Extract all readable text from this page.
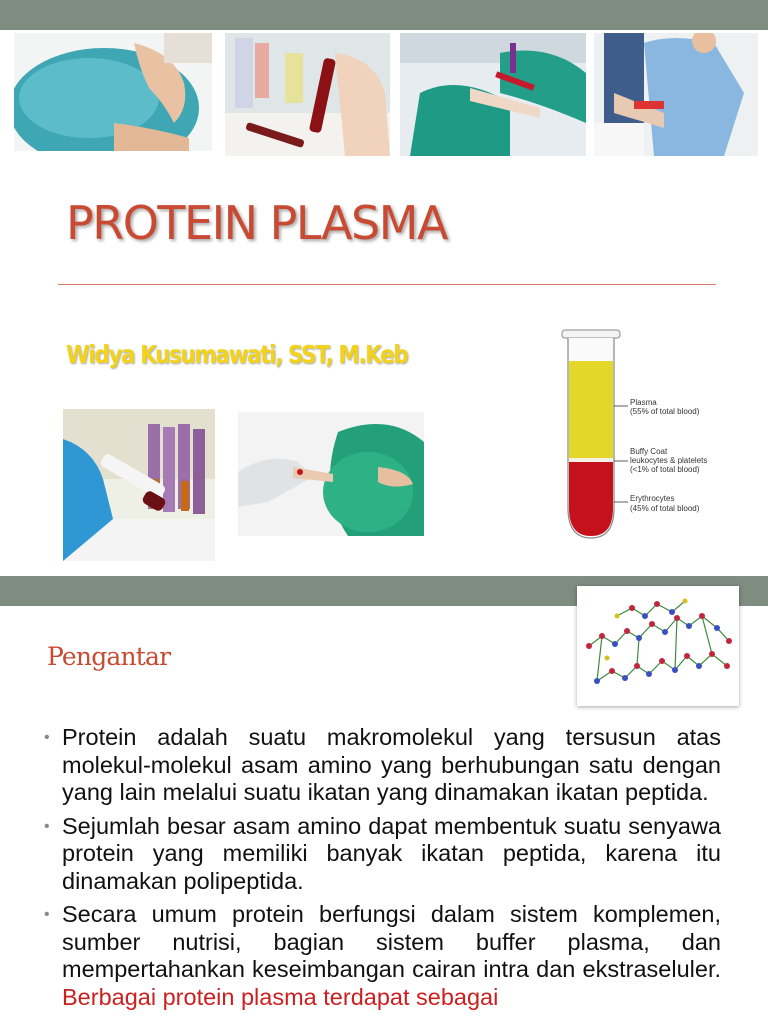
PROTEIN PLASMA
Widya Kusumawati, SST, M.Keb
Plasma
(55% of total blood)
Buffy Coat
leukocytes & platelets
(<1% of total blood)
Erythrocytes
(45% of total blood)
Pengantar
• Protein adalah suatu makromolekul yang tersusun atas molekul-molekul asam amino yang berhubungan satu dengan yang lain melalui suatu ikatan yang dinamakan ikatan peptida.
• Sejumlah besar asam amino dapat membentuk suatu senyawa protein yang memiliki banyak ikatan peptida, karena itu dinamakan polipeptida.
• Secara umum protein berfungsi dalam sistem komplemen, sumber nutrisi, bagian sistem buffer plasma, dan mempertahankan keseimbangan cairan intra dan ekstraseluler. Berbagai protein plasma terdapat sebagai
